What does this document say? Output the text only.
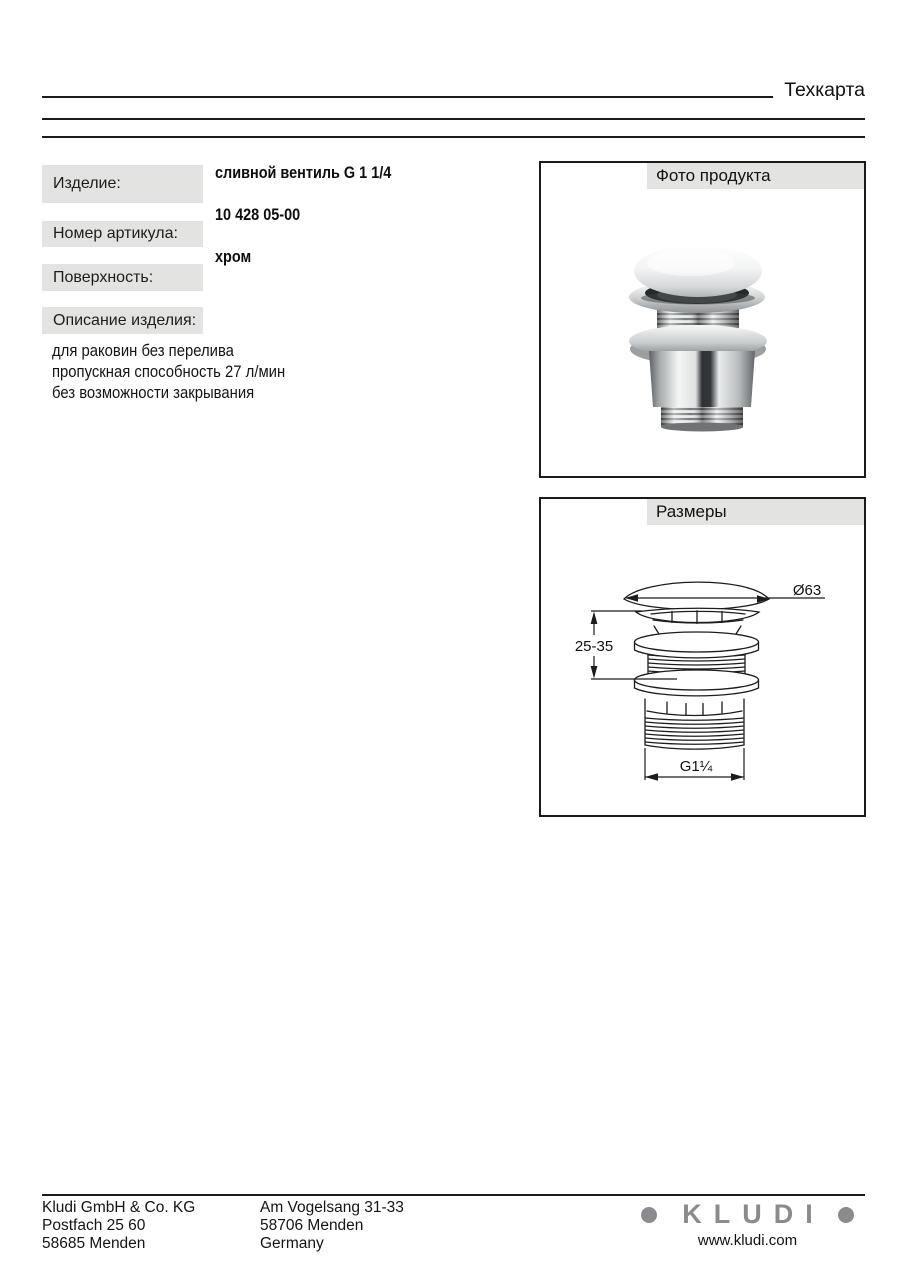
Техкарта
Изделие:
сливной вентиль G 1 1/4
Номер артикула:
10 428 05-00
Поверхность:
хром
Описание изделия:
для раковин без перелива
пропускная способность 27 л/мин
без возможности закрывания
Фото продукта
Размеры
Ø63
25-35
G1¼
Kludi GmbH & Co. KG
Postfach 25 60
58685 Menden
Am Vogelsang 31-33
58706 Menden
Germany
KLUDI
www.kludi.com
